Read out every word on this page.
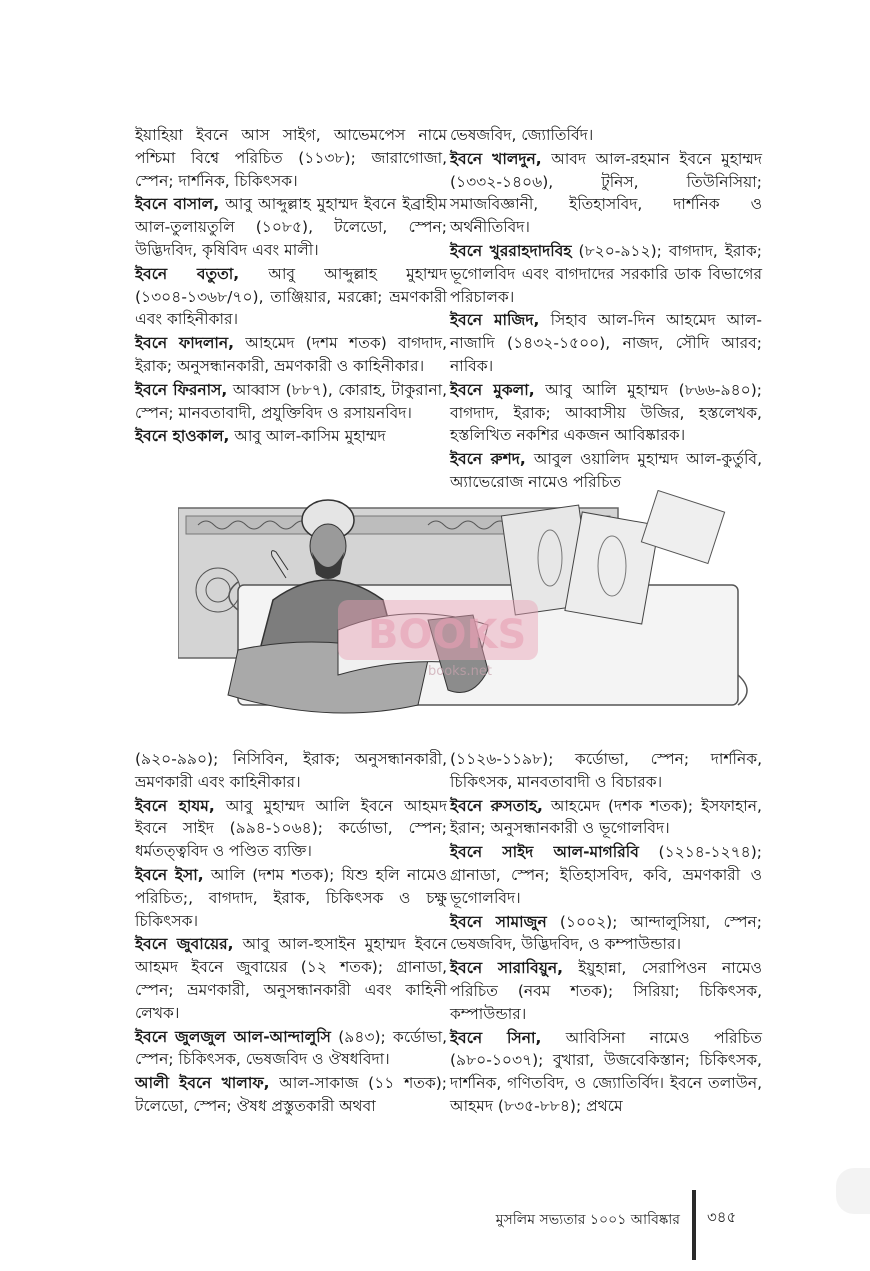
ইয়াহিয়া ইবনে আস সাইগ, আভেমপেস নামে পশ্চিমা বিশ্বে পরিচিত (১১৩৮); জারাগোজা, স্পেন; দার্শনিক, চিকিৎসক।

ইবনে বাসাল, আবু আব্দুল্লাহ মুহাম্মদ ইবনে ইব্রাহীম আল-তুলায়তুলি (১০৮৫), টলেডো, স্পেন; উদ্ভিদবিদ, কৃষিবিদ এবং মালী।

ইবনে বতুতা, আবু আব্দুল্লাহ মুহাম্মদ (১৩০৪-১৩৬৮/৭০), তাঞ্জিয়ার, মরক্কো; ভ্রমণকারী এবং কাহিনীকার।

ইবনে ফাদলান, আহমেদ (দশম শতক) বাগদাদ, ইরাক; অনুসন্ধানকারী, ভ্রমণকারী ও কাহিনীকার।

ইবনে ফিরনাস, আব্বাস (৮৮৭), কোরাহ, টাকুরানা, স্পেন; মানবতাবাদী, প্রযুক্তিবিদ ও রসায়নবিদ।

ইবনে হাওকাল, আবু আল-কাসিম মুহাম্মদ

ভেষজবিদ, জ্যোতির্বিদ।

ইবনে খালদুন, আবদ আল-রহমান ইবনে মুহাম্মদ (১৩৩২-১৪০৬), টুনিস, তিউনিসিয়া; সমাজবিজ্ঞানী, ইতিহাসবিদ, দার্শনিক ও অর্থনীতিবিদ।

ইবনে খুররাহদাদবিহ (৮২০-৯১২); বাগদাদ, ইরাক; ভূগোলবিদ এবং বাগদাদের সরকারি ডাক বিভাগের পরিচালক।

ইবনে মাজিদ, সিহাব আল-দিন আহমেদ আল-নাজাদি (১৪৩২-১৫০০), নাজদ, সৌদি আরব; নাবিক।

ইবনে মুকলা, আবু আলি মুহাম্মদ (৮৬৬-৯৪০); বাগদাদ, ইরাক; আব্বাসীয় উজির, হস্তলেখক, হস্তলিখিত নকশির একজন আবিষ্কারক।

ইবনে রুশদ, আবুল ওয়ালিদ মুহাম্মদ আল-কুর্তুবি, অ্যাভেরোজ নামেও পরিচিত

BOOKS
books.net

(৯২০-৯৯০); নিসিবিন, ইরাক; অনুসন্ধানকারী, ভ্রমণকারী এবং কাহিনীকার।

ইবনে হাযম, আবু মুহাম্মদ আলি ইবনে আহমদ ইবনে সাইদ (৯৯৪-১০৬৪); কর্ডোভা, স্পেন; ধর্মতত্ত্ববিদ ও পণ্ডিত ব্যক্তি।

ইবনে ইসা, আলি (দশম শতক); যিশু হলি নামেও পরিচিত;, বাগদাদ, ইরাক, চিকিৎসক ও চক্ষু চিকিৎসক।

ইবনে জুবায়ের, আবু আল-হুসাইন মুহাম্মদ ইবনে আহমদ ইবনে জুবায়ের (১২ শতক); গ্রানাডা, স্পেন; ভ্রমণকারী, অনুসন্ধানকারী এবং কাহিনী লেখক।

ইবনে জুলজুল আল-আন্দালুসি (৯৪৩); কর্ডোভা, স্পেন; চিকিৎসক, ভেষজবিদ ও ঔষধবিদা।

আলী ইবনে খালাফ, আল-সাকাজ (১১ শতক); টলেডো, স্পেন; ঔষধ প্রস্তুতকারী অথবা

(১১২৬-১১৯৮); কর্ডোভা, স্পেন; দার্শনিক, চিকিৎসক, মানবতাবাদী ও বিচারক।

ইবনে রুসতাহ, আহমেদ (দশক শতক); ইসফাহান, ইরান; অনুসন্ধানকারী ও ভূগোলবিদ।

ইবনে সাইদ আল-মাগরিবি (১২১৪-১২৭৪); গ্রানাডা, স্পেন; ইতিহাসবিদ, কবি, ভ্রমণকারী ও ভূগোলবিদ।

ইবনে সামাজুন (১০০২); আন্দালুসিয়া, স্পেন; ভেষজবিদ, উদ্ভিদবিদ, ও কম্পাউন্ডার।

ইবনে সারাবিয়ুন, ইয়ুহান্না, সেরাপিওন নামেও পরিচিত (নবম শতক); সিরিয়া; চিকিৎসক, কম্পাউন্ডার।

ইবনে সিনা, আবিসিনা নামেও পরিচিত (৯৮০-১০৩৭); বুখারা, উজবেকিস্তান; চিকিৎসক, দার্শনিক, গণিতবিদ, ও জ্যোতির্বিদ। ইবনে তলাউন, আহমদ (৮৩৫-৮৮৪); প্রথমে

মুসলিম সভ্যতার ১০০১ আবিষ্কার ৩৪৫
